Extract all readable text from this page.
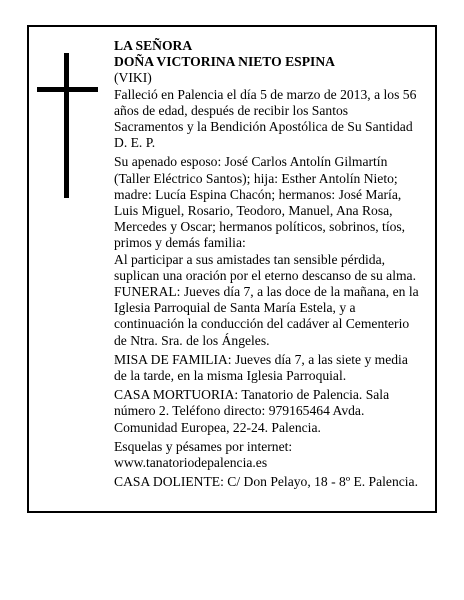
LA SEÑORA
DOÑA VICTORINA NIETO ESPINA
(VIKI)
Falleció en Palencia el día 5 de marzo de 2013, a los 56
años de edad, después de recibir los Santos
Sacramentos y la Bendición Apostólica de Su Santidad
D. E. P.
Su apenado esposo: José Carlos Antolín Gilmartín
(Taller Eléctrico Santos); hija: Esther Antolín Nieto;
madre: Lucía Espina Chacón; hermanos: José María,
Luis Miguel, Rosario, Teodoro, Manuel, Ana Rosa,
Mercedes y Oscar; hermanos políticos, sobrinos, tíos,
primos y demás familia:
Al participar a sus amistades tan sensible pérdida,
suplican una oración por el eterno descanso de su alma.
FUNERAL: Jueves día 7, a las doce de la mañana, en la
Iglesia Parroquial de Santa María Estela, y a
continuación la conducción del cadáver al Cementerio
de Ntra. Sra. de los Ángeles.
MISA DE FAMILIA: Jueves día 7, a las siete y media
de la tarde, en la misma Iglesia Parroquial.
CASA MORTUORIA: Tanatorio de Palencia. Sala
número 2. Teléfono directo: 979165464 Avda.
Comunidad Europea, 22-24. Palencia.
Esquelas y pésames por internet:
www.tanatoriodepalencia.es
CASA DOLIENTE: C/ Don Pelayo, 18 - 8º E. Palencia.
